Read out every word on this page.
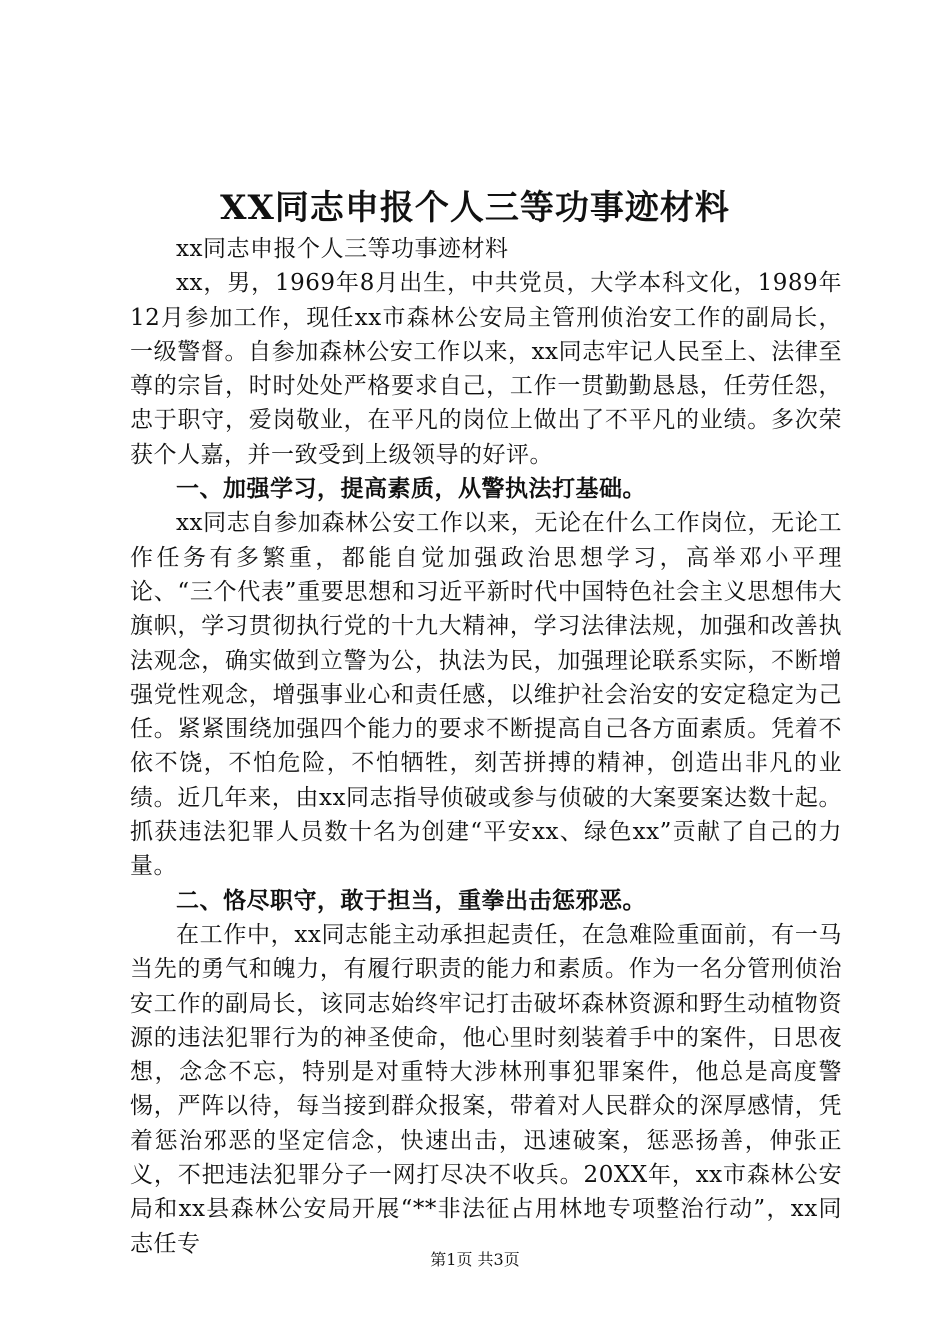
XX同志申报个人三等功事迹材料

xx同志申报个人三等功事迹材料

xx，男，1969年8月出生，中共党员，大学本科文化，1989年12月参加工作，现任xx市森林公安局主管刑侦治安工作的副局长，一级警督。自参加森林公安工作以来，xx同志牢记人民至上、法律至尊的宗旨，时时处处严格要求自己，工作一贯勤勤恳恳，任劳任怨，忠于职守，爱岗敬业，在平凡的岗位上做出了不平凡的业绩。多次荣获个人嘉，并一致受到上级领导的好评。

一、加强学习，提高素质，从警执法打基础。

xx同志自参加森林公安工作以来，无论在什么工作岗位，无论工作任务有多繁重，都能自觉加强政治思想学习，高举邓小平理论、“三个代表”重要思想和习近平新时代中国特色社会主义思想伟大旗帜，学习贯彻执行党的十九大精神，学习法律法规，加强和改善执法观念，确实做到立警为公，执法为民，加强理论联系实际，不断增强党性观念，增强事业心和责任感，以维护社会治安的安定稳定为己任。紧紧围绕加强四个能力的要求不断提高自己各方面素质。凭着不依不饶，不怕危险，不怕牺牲，刻苦拼搏的精神，创造出非凡的业绩。近几年来，由xx同志指导侦破或参与侦破的大案要案达数十起。抓获违法犯罪人员数十名为创建“平安xx、绿色xx”贡献了自己的力量。

二、恪尽职守，敢于担当，重拳出击惩邪恶。

在工作中，xx同志能主动承担起责任，在急难险重面前，有一马当先的勇气和魄力，有履行职责的能力和素质。作为一名分管刑侦治安工作的副局长，该同志始终牢记打击破坏森林资源和野生动植物资源的违法犯罪行为的神圣使命，他心里时刻装着手中的案件，日思夜想，念念不忘，特别是对重特大涉林刑事犯罪案件，他总是高度警惕，严阵以待，每当接到群众报案，带着对人民群众的深厚感情，凭着惩治邪恶的坚定信念，快速出击，迅速破案，惩恶扬善，伸张正义，不把违法犯罪分子一网打尽决不收兵。20XX年，xx市森林公安局和xx县森林公安局开展“**非法征占用林地专项整治行动”，xx同志任专

第1页 共3页
